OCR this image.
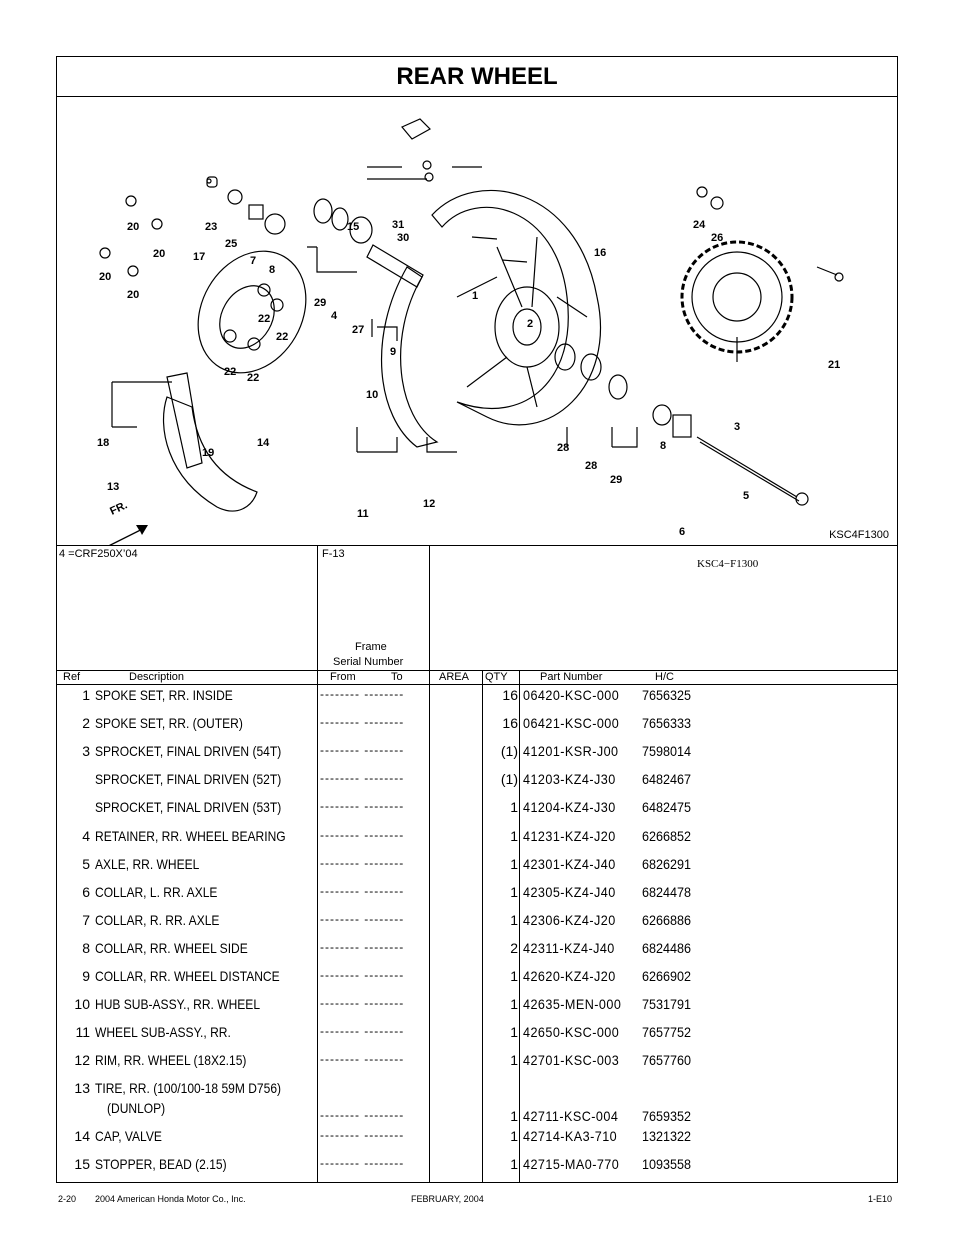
REAR WHEEL
20
20
20
20
23
25
17	7
8
22
22
22 22
18
19
14
13
15	31
30
29
4
27
9
10
11
12
1
2
16
28
28
29
24
26
21
3
8
5
6
FR.
KSC4−F1300
KSC4F1300
4 =CRF250X’04	F-13
Frame
Serial Number
Ref	Description	From	To	AREA QTY	Part Number	H/C
1 SPOKE SET, RR. INSIDE	-------- --------	16 06420-KSC-000 7656325
2 SPOKE SET, RR. (OUTER)	-------- --------	16 06421-KSC-000 7656333
3 SPROCKET, FINAL DRIVEN (54T)	-------- --------	(1) 41201-KSR-J00 7598014
SPROCKET, FINAL DRIVEN (52T)	-------- --------	(1) 41203-KZ4-J30 6482467
SPROCKET, FINAL DRIVEN (53T)	-------- --------	1 41204-KZ4-J30 6482475
4 RETAINER, RR. WHEEL BEARING	-------- --------	1 41231-KZ4-J20 6266852
5 AXLE, RR. WHEEL	-------- --------	1 42301-KZ4-J40 6826291
6 COLLAR, L. RR. AXLE	-------- --------	1 42305-KZ4-J40 6824478
7 COLLAR, R. RR. AXLE	-------- --------	1 42306-KZ4-J20 6266886
8 COLLAR, RR. WHEEL SIDE	-------- --------	2 42311-KZ4-J40 6824486
9 COLLAR, RR. WHEEL DISTANCE	-------- --------	1 42620-KZ4-J20 6266902
10 HUB SUB-ASSY., RR. WHEEL	-------- --------	1 42635-MEN-000 7531791
11 WHEEL SUB-ASSY., RR.	-------- --------	1 42650-KSC-000 7657752
12 RIM, RR. WHEEL (18X2.15)	-------- --------	1 42701-KSC-003 7657760
13 TIRE, RR. (100/100-18 59M D756)
(DUNLOP)	-------- --------	1 42711-KSC-004 7659352
14 CAP, VALVE	-------- --------	1 42714-KA3-710 1321322
15 STOPPER, BEAD (2.15)	-------- --------	1 42715-MA0-770 1093558
2-20 2004 American Honda Motor Co., Inc.	FEBRUARY, 2004	1-E10
